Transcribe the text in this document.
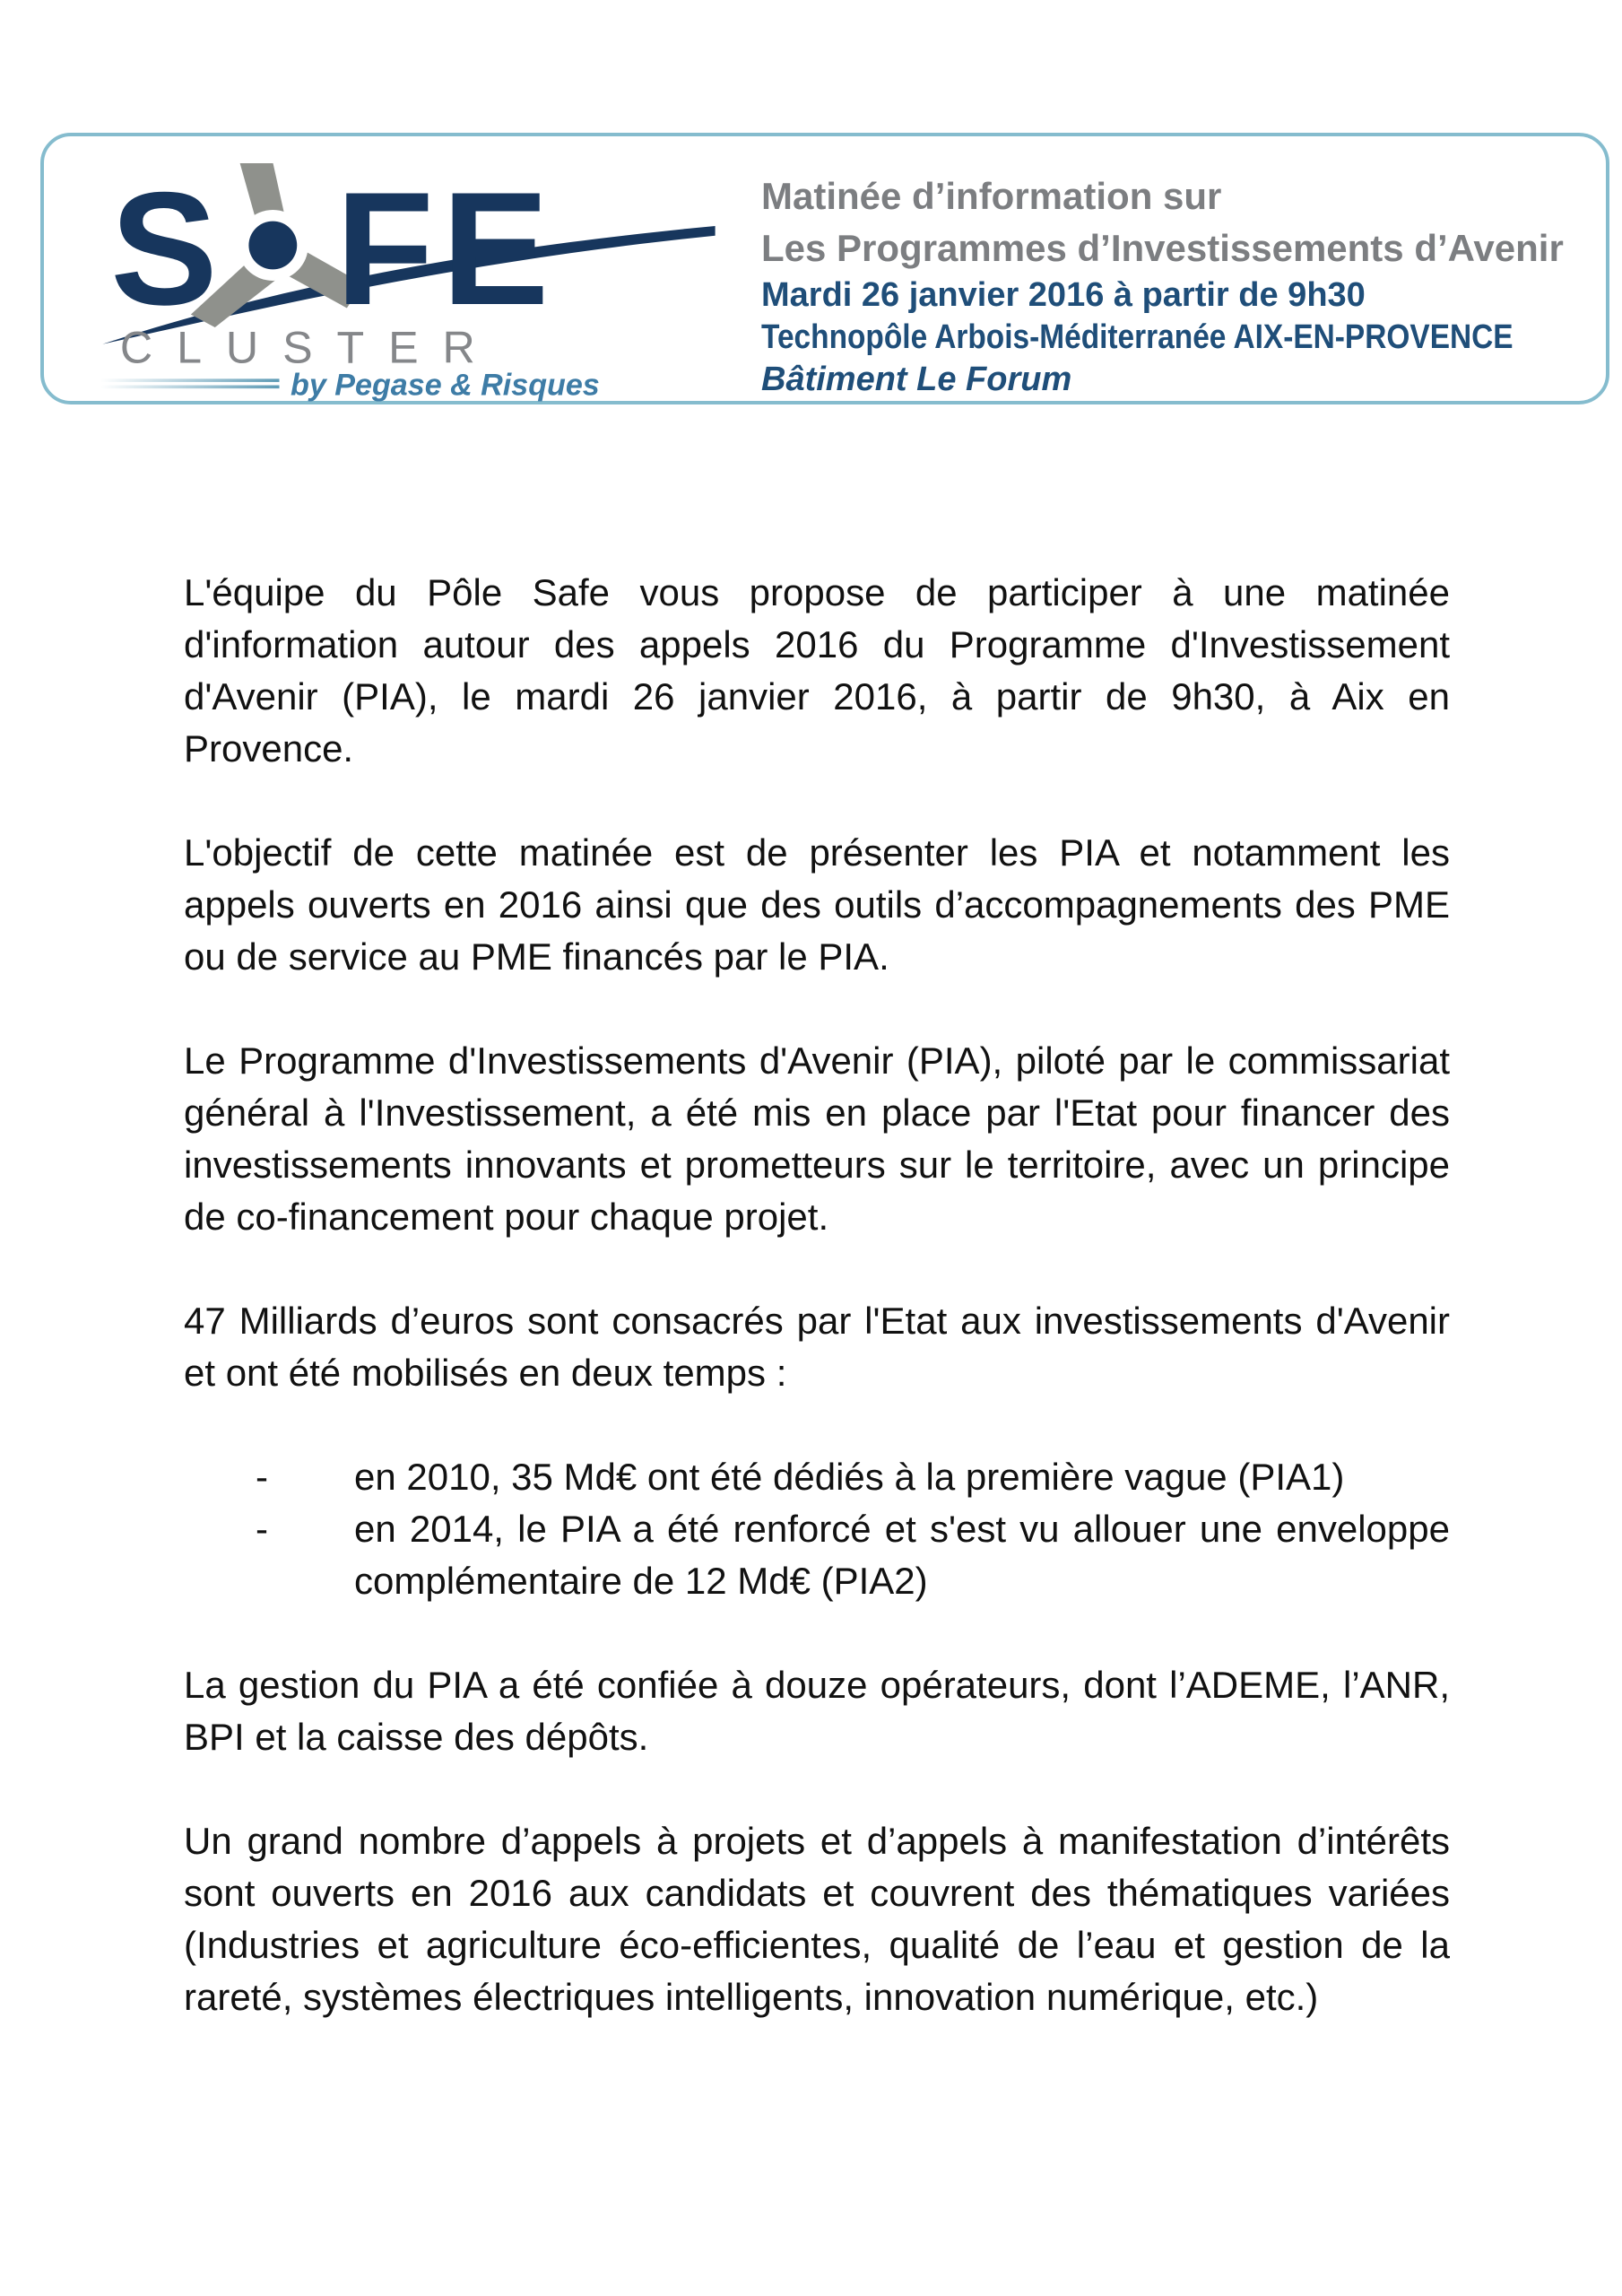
S F E
CLUSTER
by Pegase & Risques
Matinée d’information sur
Les Programmes d’Investissements d’Avenir
Mardi 26 janvier 2016 à partir de 9h30
Technopôle Arbois-Méditerranée AIX-EN-PROVENCE
Bâtiment Le Forum

L'équipe du Pôle Safe vous propose de participer à une matinée d'information autour des appels 2016 du Programme d'Investissement d'Avenir (PIA), le mardi 26 janvier 2016, à partir de 9h30, à Aix en Provence.

L'objectif de cette matinée est de présenter les PIA et notamment les appels ouverts en 2016 ainsi que des outils d’accompagnements des PME ou de service au PME financés par le PIA.

Le Programme d'Investissements d'Avenir (PIA), piloté par le commissariat général à l'Investissement, a été mis en place par l'Etat pour financer des investissements innovants et prometteurs sur le territoire, avec un principe de co-financement pour chaque projet.

47 Milliards d’euros sont consacrés par l'Etat aux investissements d'Avenir et ont été mobilisés en deux temps :

- en 2010, 35 Md€ ont été dédiés à la première vague (PIA1)
- en 2014, le PIA a été renforcé et s'est vu allouer une enveloppe complémentaire de 12 Md€ (PIA2)

La gestion du PIA a été confiée à douze opérateurs, dont l’ADEME, l’ANR, BPI et la caisse des dépôts.

Un grand nombre d’appels à projets et d’appels à manifestation d’intérêts sont ouverts en 2016 aux candidats et couvrent des thématiques variées (Industries et agriculture éco-efficientes, qualité de l’eau et gestion de la rareté, systèmes électriques intelligents, innovation numérique, etc.)
